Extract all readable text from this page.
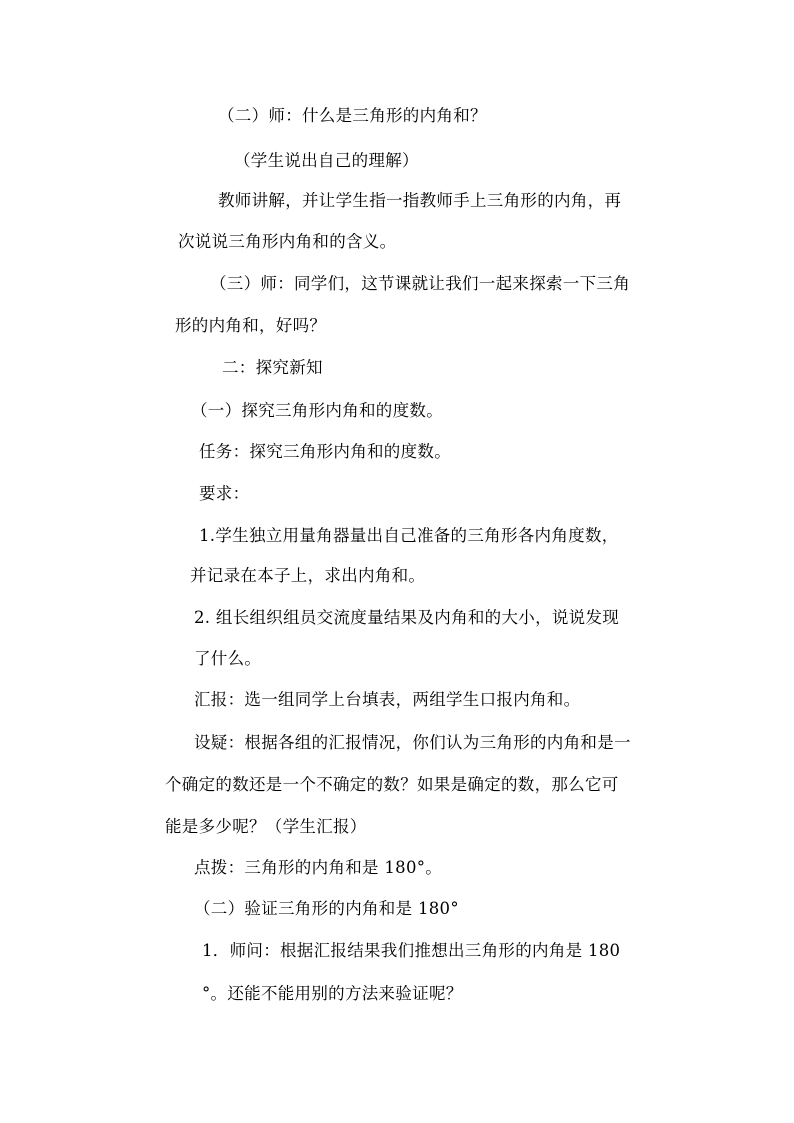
（二）师：什么是三角形的内角和？
（学生说出自己的理解）
教师讲解，并让学生指一指教师手上三角形的内角，再
次说说三角形内角和的含义。
（三）师：同学们，这节课就让我们一起来探索一下三角
形的内角和，好吗？
二：探究新知
（一）探究三角形内角和的度数。
任务：探究三角形内角和的度数。
要求：
1.学生独立用量角器量出自己准备的三角形各内角度数，
并记录在本子上，求出内角和。
2. 组长组织组员交流度量结果及内角和的大小，说说发现
了什么。
汇报：选一组同学上台填表，两组学生口报内角和。
设疑：根据各组的汇报情况，你们认为三角形的内角和是一
个确定的数还是一个不确定的数？如果是确定的数，那么它可
能是多少呢？（学生汇报）
点拨：三角形的内角和是 180°。
（二）验证三角形的内角和是 180°
1．师问：根据汇报结果我们推想出三角形的内角是 180
°。还能不能用别的方法来验证呢？
